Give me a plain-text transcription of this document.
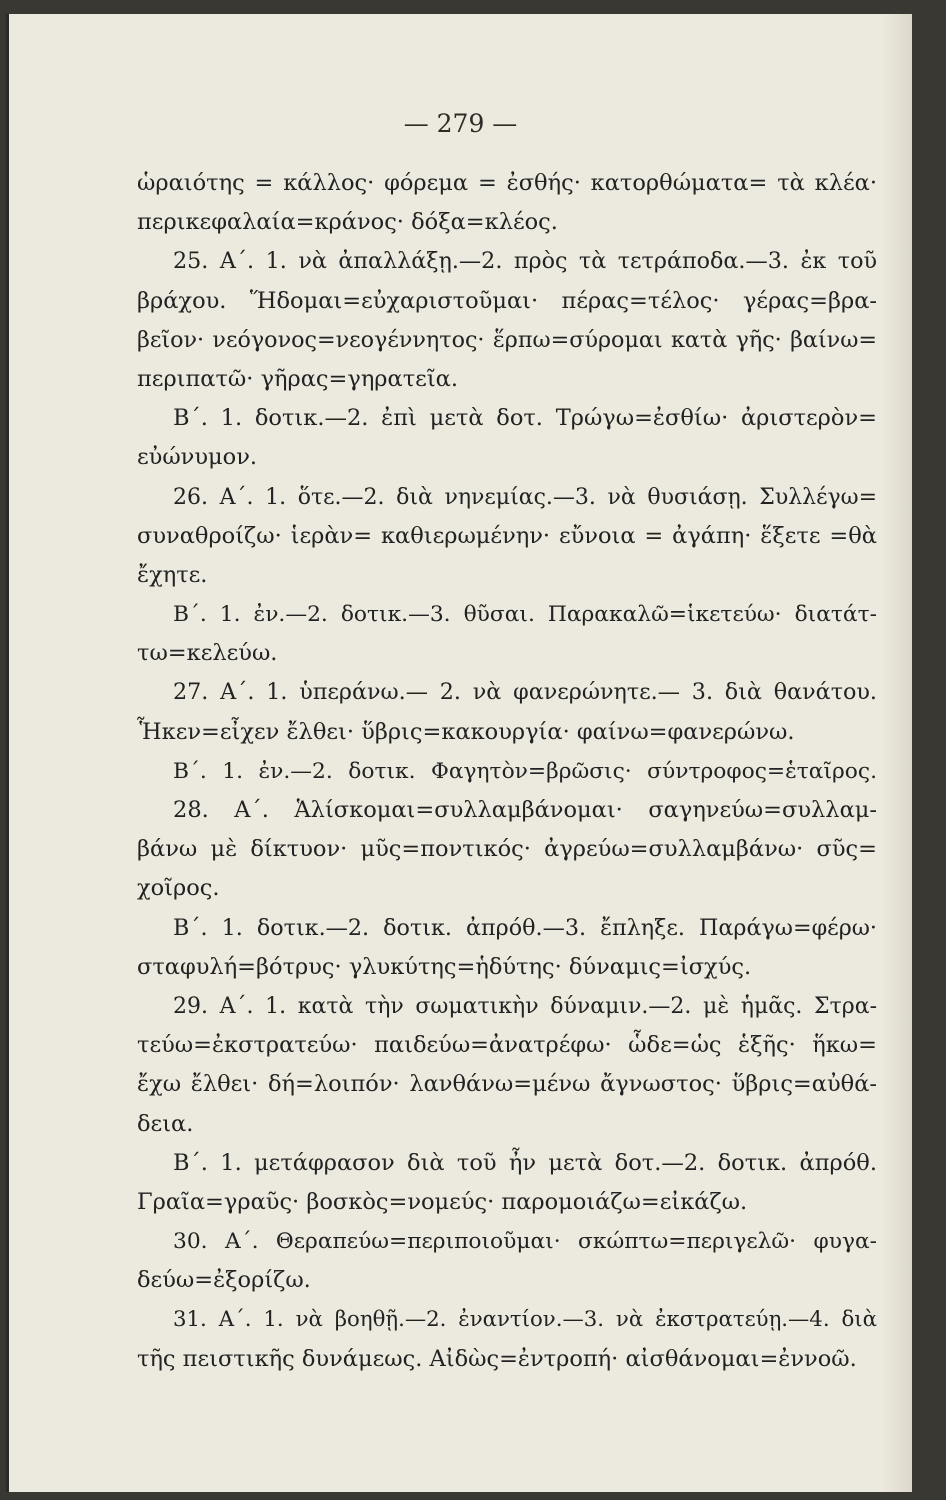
— 279 —
ὡραιότης = κάλλος· φόρεμα = ἐσθής· κατορθώματα= τὰ κλέα·
περικεφαλαία=κράνος· δόξα=κλέος.
25. Α΄. 1. νὰ ἀπαλλάξῃ.—2. πρὸς τὰ τετράποδα.—3. ἐκ τοῦ
βράχου. Ἥδομαι=εὐχαριστοῦμαι· πέρας=τέλος· γέρας=βρα-
βεῖον· νεόγονος=νεογέννητος· ἕρπω=σύρομαι κατὰ γῆς· βαίνω=
περιπατῶ· γῆρας=γηρατεῖα.
Β΄. 1. δοτικ.—2. ἐπὶ μετὰ δοτ. Τρώγω=ἐσθίω· ἀριστερὸν=
εὐώνυμον.
26. Α΄. 1. ὅτε.—2. διὰ νηνεμίας.—3. νὰ θυσιάσῃ. Συλλέγω=
συναθροίζω· ἱερὰν= καθιερωμένην· εὔνοια = ἀγάπη· ἕξετε =θὰ
ἔχητε.
Β΄. 1. ἐν.—2. δοτικ.—3. θῦσαι. Παρακαλῶ=ἱκετεύω· διατάτ-
τω=κελεύω.
27. Α΄. 1. ὑπεράνω.— 2. νὰ φανερώνητε.— 3. διὰ θανάτου.
Ἧκεν=εἶχεν ἔλθει· ὕβρις=κακουργία· φαίνω=φανερώνω.
Β΄. 1. ἐν.—2. δοτικ. Φαγητὸν=βρῶσις· σύντροφος=ἑταῖρος.
28. Α΄. Ἁλίσκομαι=συλλαμβάνομαι· σαγηνεύω=συλλαμ-
βάνω μὲ δίκτυον· μῦς=ποντικός· ἀγρεύω=συλλαμβάνω· σῦς=
χοῖρος.
Β΄. 1. δοτικ.—2. δοτικ. ἀπρόθ.—3. ἔπληξε. Παράγω=φέρω·
σταφυλή=βότρυς· γλυκύτης=ἡδύτης· δύναμις=ἰσχύς.
29. Α΄. 1. κατὰ τὴν σωματικὴν δύναμιν.—2. μὲ ἡμᾶς. Στρα-
τεύω=ἐκστρατεύω· παιδεύω=ἀνατρέφω· ὧδε=ὡς ἑξῆς· ἥκω=
ἔχω ἔλθει· δή=λοιπόν· λανθάνω=μένω ἄγνωστος· ὕβρις=αὐθά-
δεια.
Β΄. 1. μετάφρασον διὰ τοῦ ἦν μετὰ δοτ.—2. δοτικ. ἀπρόθ.
Γραῖα=γραῦς· βοσκὸς=νομεύς· παρομοιάζω=εἰκάζω.
30. Α΄. Θεραπεύω=περιποιοῦμαι· σκώπτω=περιγελῶ· φυγα-
δεύω=ἐξορίζω.
31. Α΄. 1. νὰ βοηθῇ.—2. ἐναντίον.—3. νὰ ἐκστρατεύῃ.—4. διὰ
τῆς πειστικῆς δυνάμεως. Αἰδὼς=ἐντροπή· αἰσθάνομαι=ἐννοῶ.
